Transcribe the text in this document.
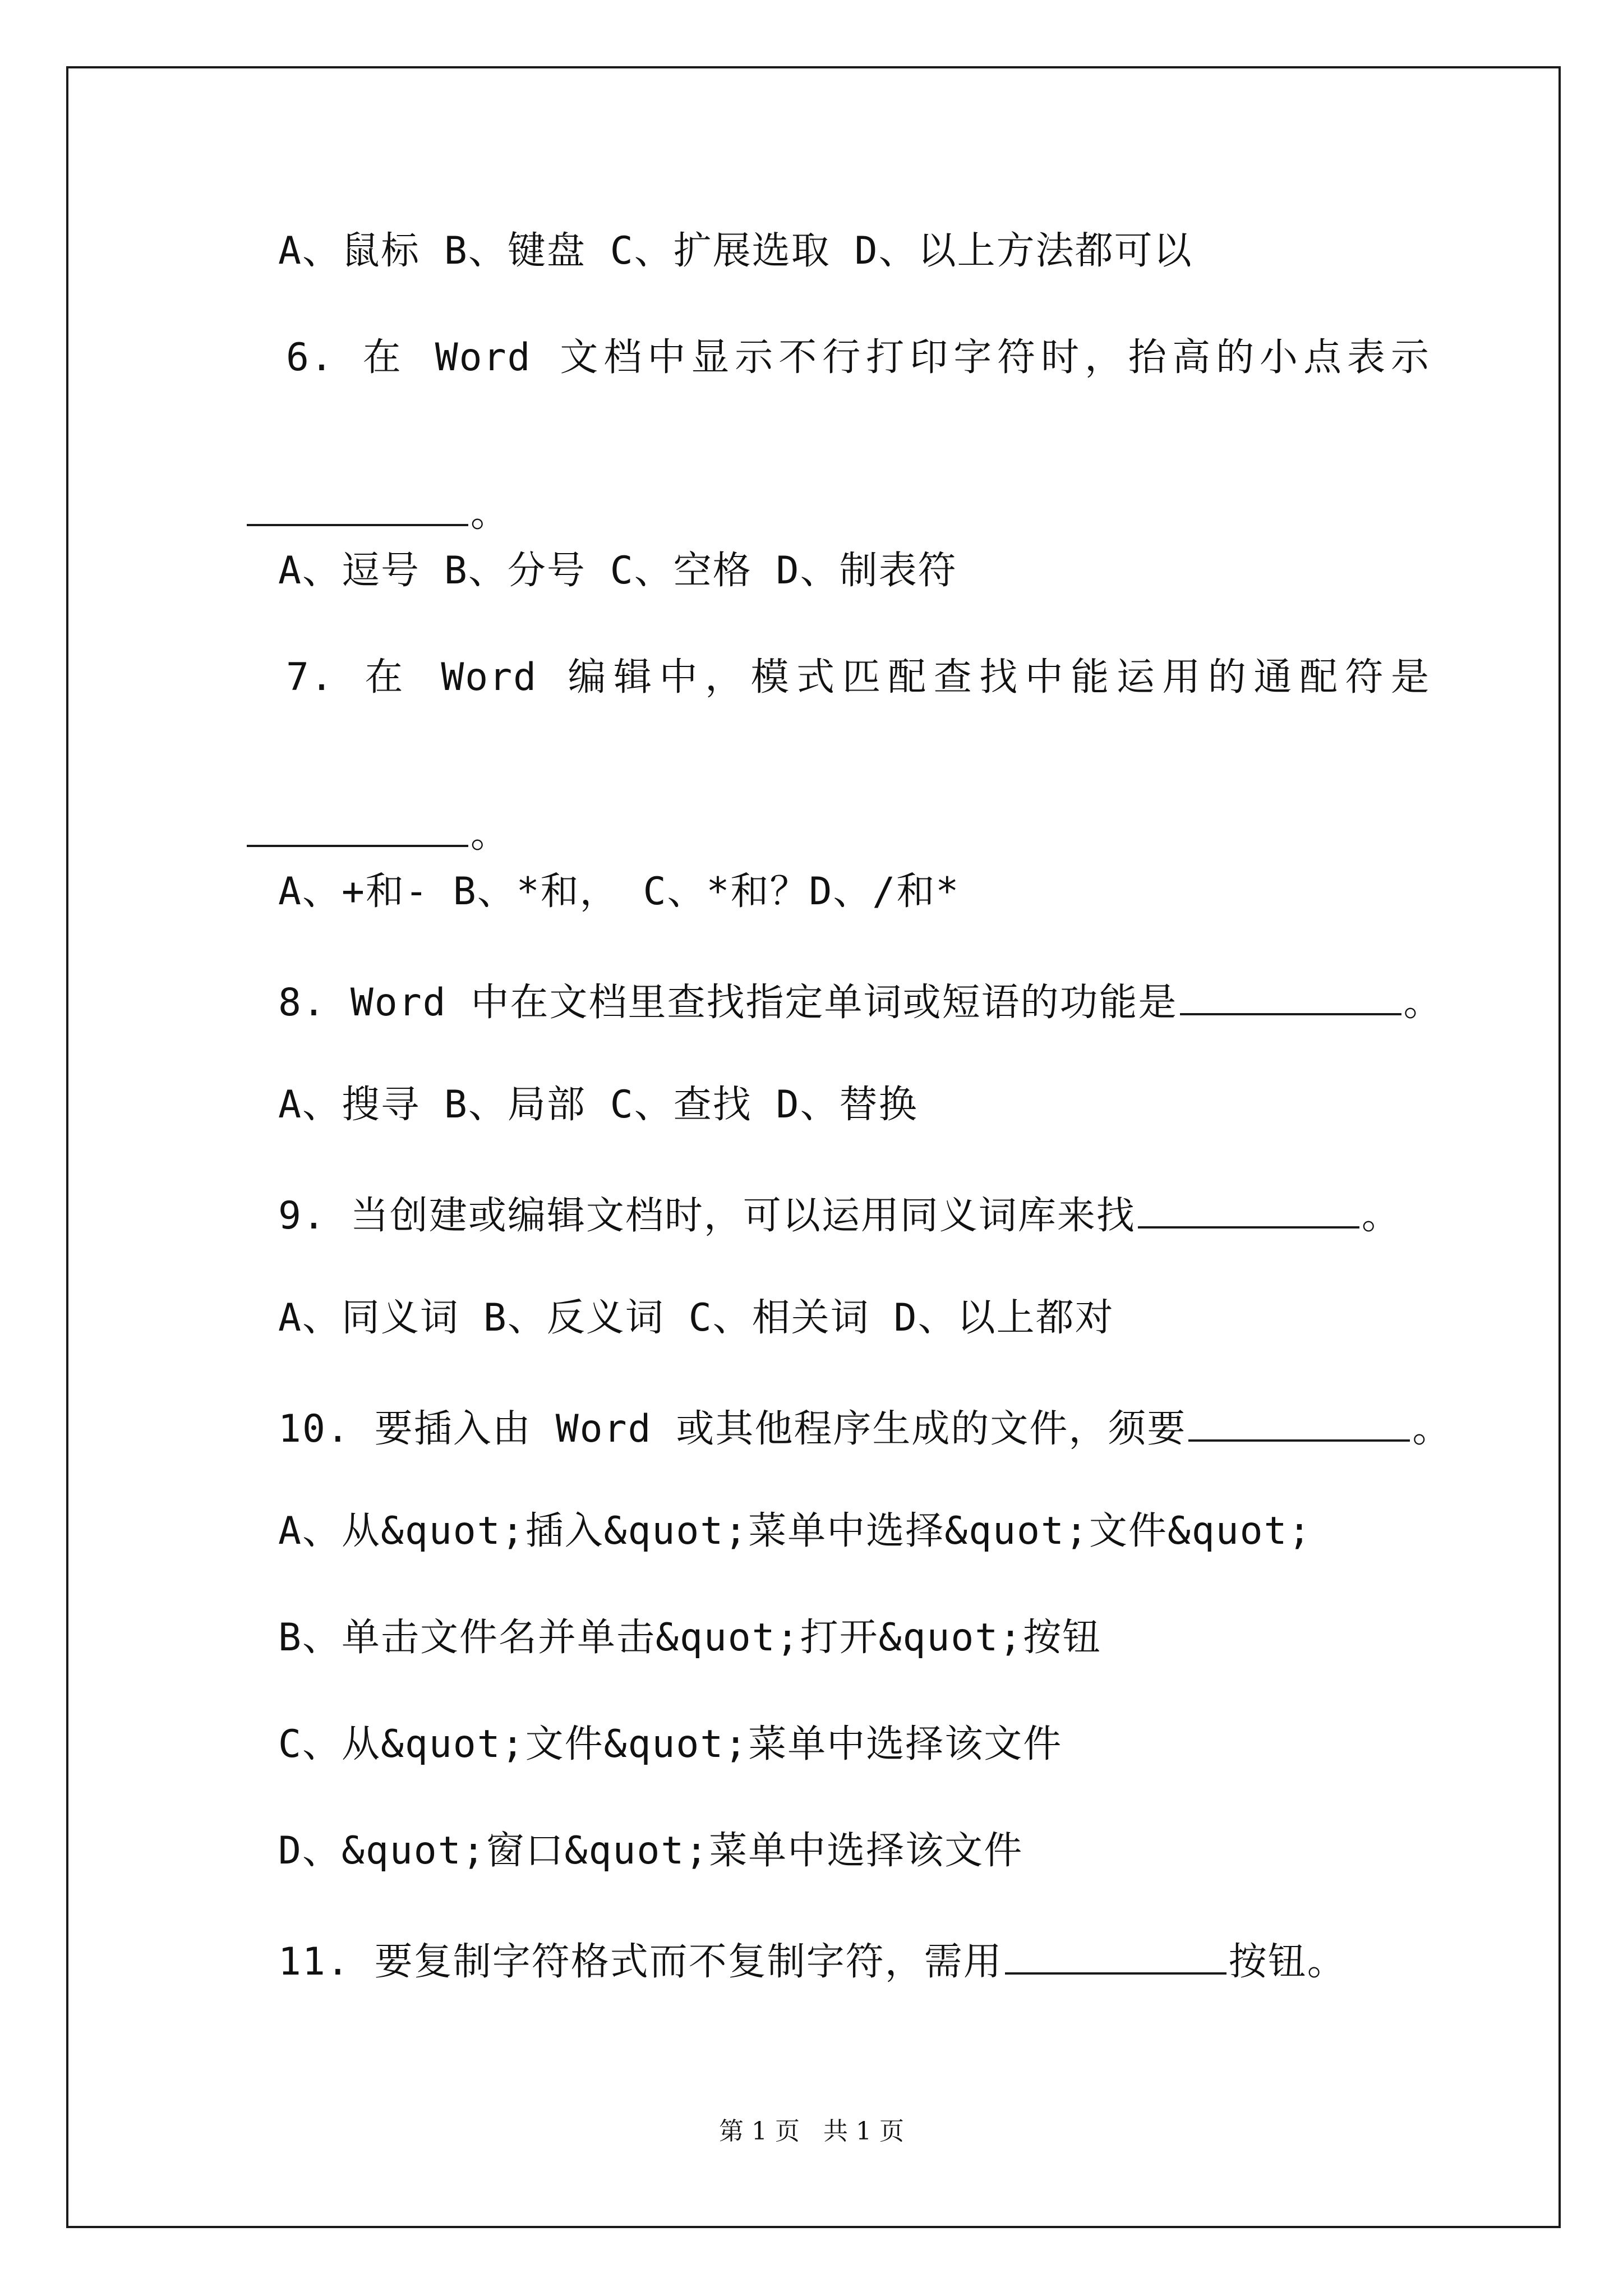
A、鼠标 B、键盘 C、扩展选取 D、以上方法都可以
6. 在 Word 文档中显示不行打印字符时，抬高的小点表示

。

A、逗号 B、分号 C、空格 D、制表符
7. 在 Word 编辑中，模式匹配查找中能运用的通配符是

。

A、+和- B、*和， C、*和？D、/和*
8. Word 中在文档里查找指定单词或短语的功能是	。
A、搜寻 B、局部 C、查找 D、替换
9. 当创建或编辑文档时，可以运用同义词库来找	。
A、同义词 B、反义词 C、相关词 D、以上都对
10. 要插入由 Word 或其他程序生成的文件，须要	。
A、从&quot;插入&quot;菜单中选择&quot;文件&quot;
B、单击文件名并单击&quot;打开&quot;按钮
C、从&quot;文件&quot;菜单中选择该文件
D、&quot;窗口&quot;菜单中选择该文件
11. 要复制字符格式而不复制字符，需用	按钮。
第 1 页   共 1 页
